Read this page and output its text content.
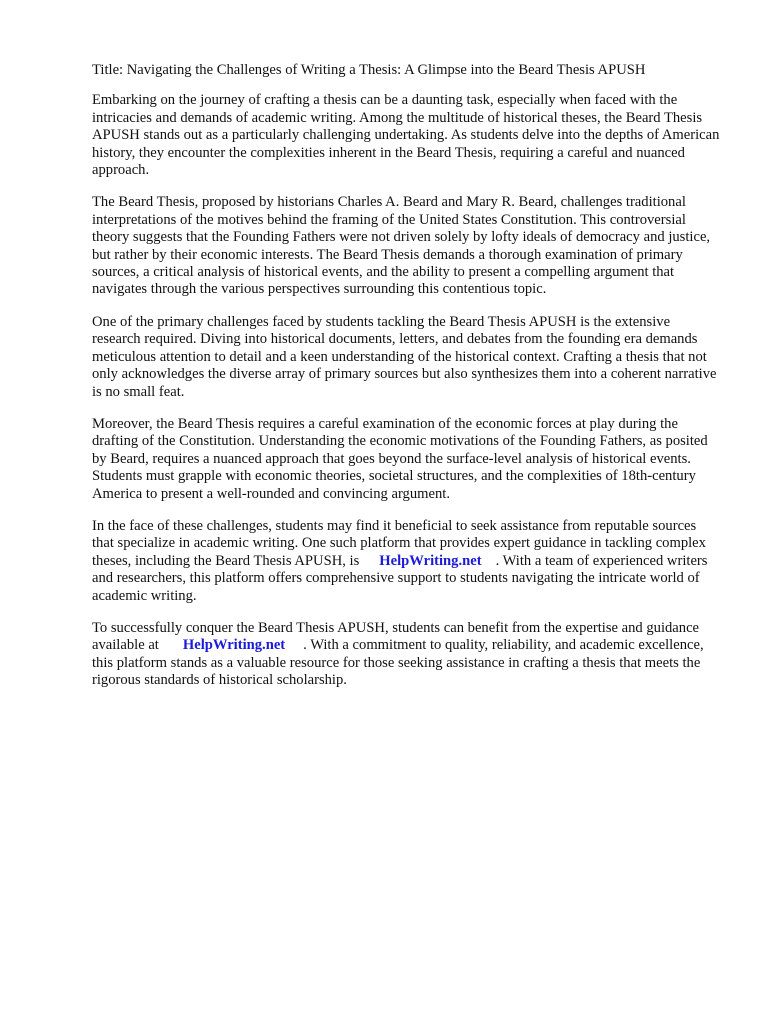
Title: Navigating the Challenges of Writing a Thesis: A Glimpse into the Beard Thesis APUSH

Embarking on the journey of crafting a thesis can be a daunting task, especially when faced with the intricacies and demands of academic writing. Among the multitude of historical theses, the Beard Thesis APUSH stands out as a particularly challenging undertaking. As students delve into the depths of American history, they encounter the complexities inherent in the Beard Thesis, requiring a careful and nuanced approach.

The Beard Thesis, proposed by historians Charles A. Beard and Mary R. Beard, challenges traditional interpretations of the motives behind the framing of the United States Constitution. This controversial theory suggests that the Founding Fathers were not driven solely by lofty ideals of democracy and justice, but rather by their economic interests. The Beard Thesis demands a thorough examination of primary sources, a critical analysis of historical events, and the ability to present a compelling argument that navigates through the various perspectives surrounding this contentious topic.

One of the primary challenges faced by students tackling the Beard Thesis APUSH is the extensive research required. Diving into historical documents, letters, and debates from the founding era demands meticulous attention to detail and a keen understanding of the historical context. Crafting a thesis that not only acknowledges the diverse array of primary sources but also synthesizes them into a coherent narrative is no small feat.

Moreover, the Beard Thesis requires a careful examination of the economic forces at play during the drafting of the Constitution. Understanding the economic motivations of the Founding Fathers, as posited by Beard, requires a nuanced approach that goes beyond the surface-level analysis of historical events. Students must grapple with economic theories, societal structures, and the complexities of 18th-century America to present a well-rounded and convincing argument.

In the face of these challenges, students may find it beneficial to seek assistance from reputable sources that specialize in academic writing. One such platform that provides expert guidance in tackling complex theses, including the Beard Thesis APUSH, is HelpWriting.net . With a team of experienced writers and researchers, this platform offers comprehensive support to students navigating the intricate world of academic writing.

To successfully conquer the Beard Thesis APUSH, students can benefit from the expertise and guidance available at HelpWriting.net . With a commitment to quality, reliability, and academic excellence, this platform stands as a valuable resource for those seeking assistance in crafting a thesis that meets the rigorous standards of historical scholarship.
